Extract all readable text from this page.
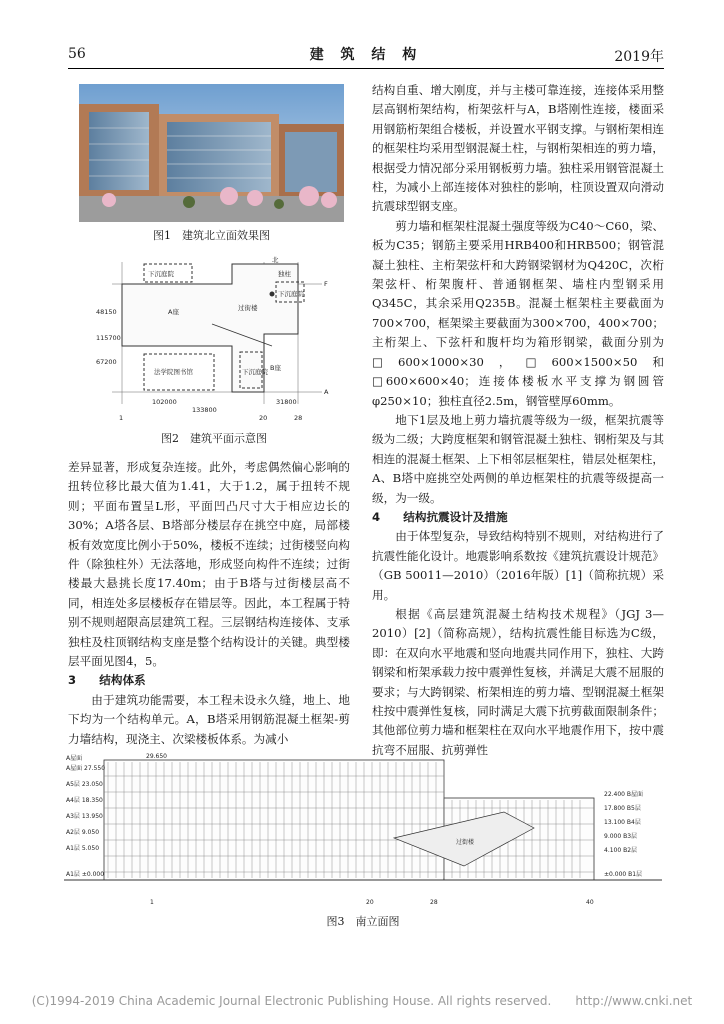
56	建 筑 结 构	2019年
图1　建筑北立面效果图
下沉庭院
A座	过街楼
独柱
下沉庭院
法学院图书馆	下沉庭院 B座
北
102000	31800
133800
48150
67200
115700
1	20	28
F
A
图2　建筑平面示意图

差异显著，形成复杂连接。此外，考虑偶然偏心影响的扭转位移比最大值为1.41，大于1.2，属于扭转不规则；平面布置呈L形，平面凹凸尺寸大于相应边长的30%；A塔各层、B塔部分楼层存在挑空中庭，局部楼板有效宽度比例小于50%，楼板不连续；过街楼竖向构件（除独柱外）无法落地，形成竖向构件不连续；过街楼最大悬挑长度17.40m；由于B塔与过街楼层高不同，相连处多层楼板存在错层等。因此，本工程属于特别不规则超限高层建筑工程。三层钢结构连接体、支承独柱及柱顶钢结构支座是整个结构设计的关键。典型楼层平面见图4，5。

3　　结构体系

由于建筑功能需要，本工程未设永久缝，地上、地下均为一个结构单元。A，B塔采用钢筋混凝土框架-剪力墙结构，现浇主、次梁楼板体系。为减小

结构自重、增大刚度，并与主楼可靠连接，连接体采用整层高钢桁架结构，桁架弦杆与A，B塔刚性连接，楼面采用钢筋桁架组合楼板，并设置水平钢支撑。与钢桁架相连的框架柱均采用型钢混凝土柱，与钢桁架相连的剪力墙，根据受力情况部分采用钢板剪力墙。独柱采用钢管混凝土柱，为减小上部连接体对独柱的影响，柱顶设置双向滑动抗震球型钢支座。

剪力墙和框架柱混凝土强度等级为C40～C60，梁、板为C35；钢筋主要采用HRB400和HRB500；钢管混凝土独柱、主桁架弦杆和大跨钢梁钢材为Q420C，次桁架弦杆、桁架腹杆、普通钢框架、墙柱内型钢采用Q345C，其余采用Q235B。混凝土框架柱主要截面为700×700，框架梁主要截面为300×700，400×700；主桁架上、下弦杆和腹杆均为箱形钢梁，截面分别为□600×1000×30，□600×1500×50和□600×600×40；连接体楼板水平支撑为钢圆管φ250×10；独柱直径2.5m，钢管壁厚60mm。

地下1层及地上剪力墙抗震等级为一级，框架抗震等级为二级；大跨度框架和钢管混凝土独柱、钢桁架及与其相连的混凝土框架、上下相邻层框架柱，错层处框架柱，A、B塔中庭挑空处两侧的单边框架柱的抗震等级提高一级，为一级。

4　　结构抗震设计及措施

由于体型复杂，导致结构特别不规则，对结构进行了抗震性能化设计。地震影响系数按《建筑抗震设计规范》（GB 50011—2010）（2016年版）[1]（简称抗规）采用。

根据《高层建筑混凝土结构技术规程》（JGJ 3—2010）[2]（简称高规），结构抗震性能目标选为C级，即：在双向水平地震和竖向地震共同作用下，独柱、大跨钢梁和桁架承载力按中震弹性复核，并满足大震不屈服的要求；与大跨钢梁、桁架相连的剪力墙、型钢混凝土框架柱按中震弹性复核，同时满足大震下抗剪截面限制条件；其他部位剪力墙和框架柱在双向水平地震作用下，按中震抗弯不屈服、抗剪弹性

A屋面	29.650
A屋面 27.550
A5层 23.050
A4层 18.350
A3层 13.950
A2层 9.050
A1层 5.050
A1层 ±0.000
22.400 B屋面
17.800 B5层
13.100 B4层
9.000 B3层
4.100 B2层
±0.000 B1层
过街楼
1	20	28	40
图3　南立面图
(C)1994-2019 China Academic Journal Electronic Publishing House. All rights reserved.　　http://www.cnki.net
